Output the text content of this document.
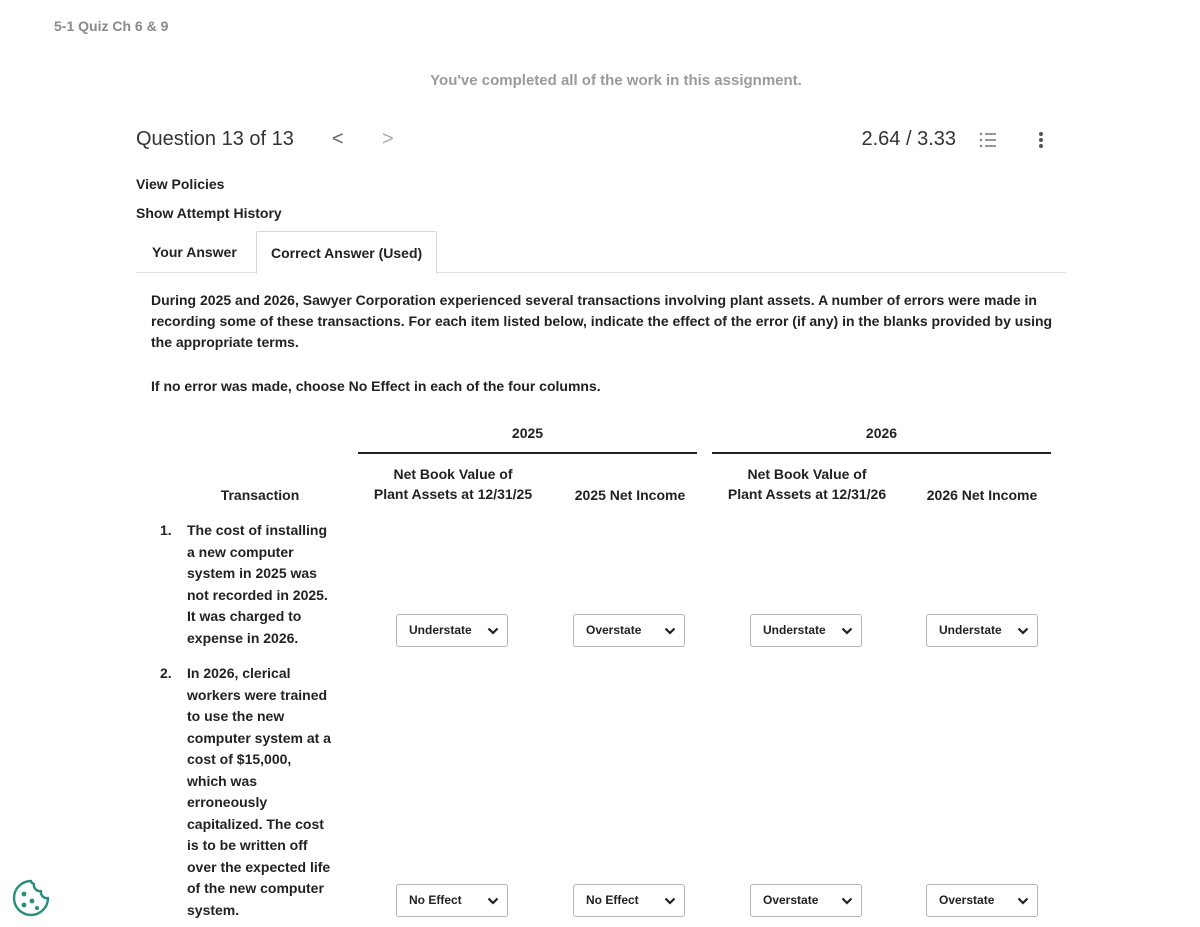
5-1 Quiz Ch 6 & 9
You've completed all of the work in this assignment.
Question 13 of 13 < >	2.64 / 3.33
View Policies
Show Attempt History
Your Answer	Correct Answer (Used)
During 2025 and 2026, Sawyer Corporation experienced several transactions involving plant assets. A number of errors were made in recording some of these transactions. For each item listed below, indicate the effect of the error (if any) in the blanks provided by using the appropriate terms.
If no error was made, choose No Effect in each of the four columns.
2025	2026
Transaction
Net Book Value of
Plant Assets at 12/31/25	2025 Net Income
Net Book Value of
Plant Assets at 12/31/26	2026 Net Income
1. The cost of installing
a new computer
system in 2025 was
not recorded in 2025.
It was charged to
expense in 2026.	Understate	Overstate	Understate	Understate
2. In 2026, clerical
workers were trained
to use the new
computer system at a
cost of $15,000,
which was
erroneously
capitalized. The cost
is to be written off
over the expected life
of the new computer
system.
No Effect	No Effect	Overstate	Overstate
